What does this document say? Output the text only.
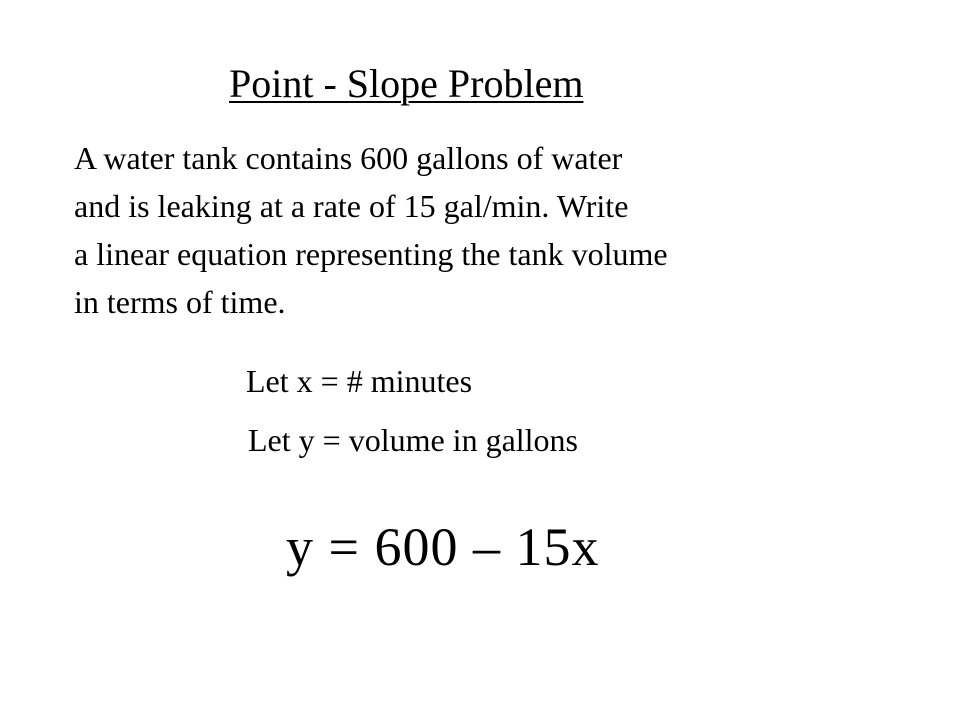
Point - Slope Problem
A water tank contains 600 gallons of water
and is leaking at a rate of 15 gal/min. Write
a linear equation representing the tank volume
in terms of time.
Let x = # minutes
Let y = volume in gallons
y = 600 – 15x
